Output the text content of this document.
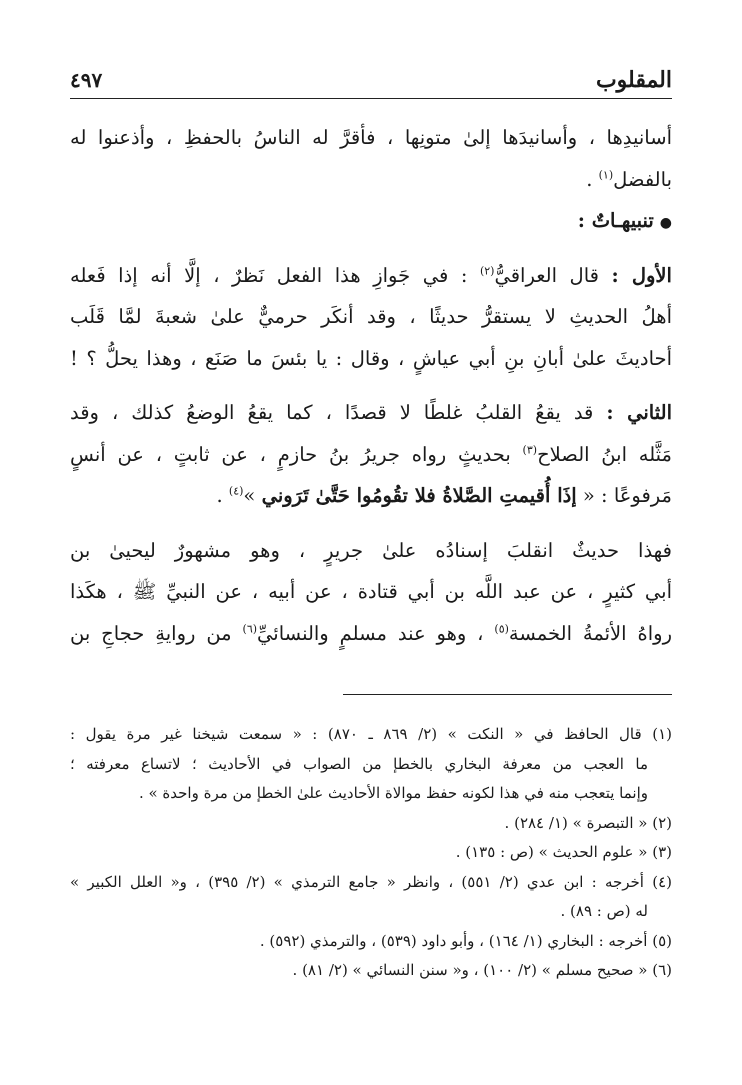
المقلوب
٤٩٧
أسانيدِها ، وأسانيدَها إلىٰ متونِها ، فأقرَّ له الناسُ بالحفظِ ، وأذعنوا له
بالفضل$^{(١)}$ .
●تنبيهـاتٌ :
الأول : قال العراقيُّ$^{(٢)}$ : في جَوازِ هذا الفعل نَظرٌ ، إلَّا أنه إذا فَعله
أهلُ الحديثِ لا يستقرُّ حديثًا ، وقد أنكَر حرميٌّ علىٰ شعبةَ لمَّا قَلَب
أحاديثَ علىٰ أبانِ بنِ أبي عياشٍ ، وقال : يا بئسَ ما صَنَع ، وهذا يحلُّ ؟ !
الثاني : قد يقعُ القلبُ غلطًا لا قصدًا ، كما يقعُ الوضعُ كذلك ، وقد
مَثَّله ابنُ الصلاح$^{(٣)}$ بحديثٍ رواه جريرُ بنُ حازمٍ ، عن ثابتٍ ، عن أنسٍ
مَرفوعًا : « إذَا أُقيمتِ الصَّلاةُ فلا تقُومُوا حَتَّىٰ تَرَوني »$^{(٤)}$ .
فهذا حديثٌ انقلبَ إسنادُه علىٰ جريرٍ ، وهو مشهورٌ ليحيىٰ بن
أبي كثيرٍ ، عن عبد اللَّه بن أبي قتادة ، عن أبيه ، عن النبيِّ ﷺ ، هكَذا
رواهُ الأئمةُ الخمسة$^{(٥)}$ ، وهو عند مسلمٍ والنسائيِّ$^{(٦)}$ من روايةِ حجاجِ بن
(١) قال الحافظ في « النكت » (٢/ ٨٦٩ ـ ٨٧٠) : « سمعت شيخنا غير مرة يقول :
ما العجب من معرفة البخاري بالخطإ من الصواب في الأحاديث ؛ لاتساع معرفته ؛
وإنما يتعجب منه في هذا لكونه حفظ موالاة الأحاديث علىٰ الخطإ من مرة واحدة » .
(٢) « التبصرة » (١/ ٢٨٤) .
(٣) « علوم الحديث » (ص : ١٣٥) .
(٤) أخرجه : ابن عدي (٢/ ٥٥١) ، وانظر « جامع الترمذي » (٢/ ٣٩٥) ، و« العلل الكبير »
له (ص : ٨٩) .
(٥) أخرجه : البخاري (١/ ١٦٤) ، وأبو داود (٥٣٩) ، والترمذي (٥٩٢) .
(٦) « صحيح مسلم » (٢/ ١٠٠) ، و« سنن النسائي » (٢/ ٨١) .
